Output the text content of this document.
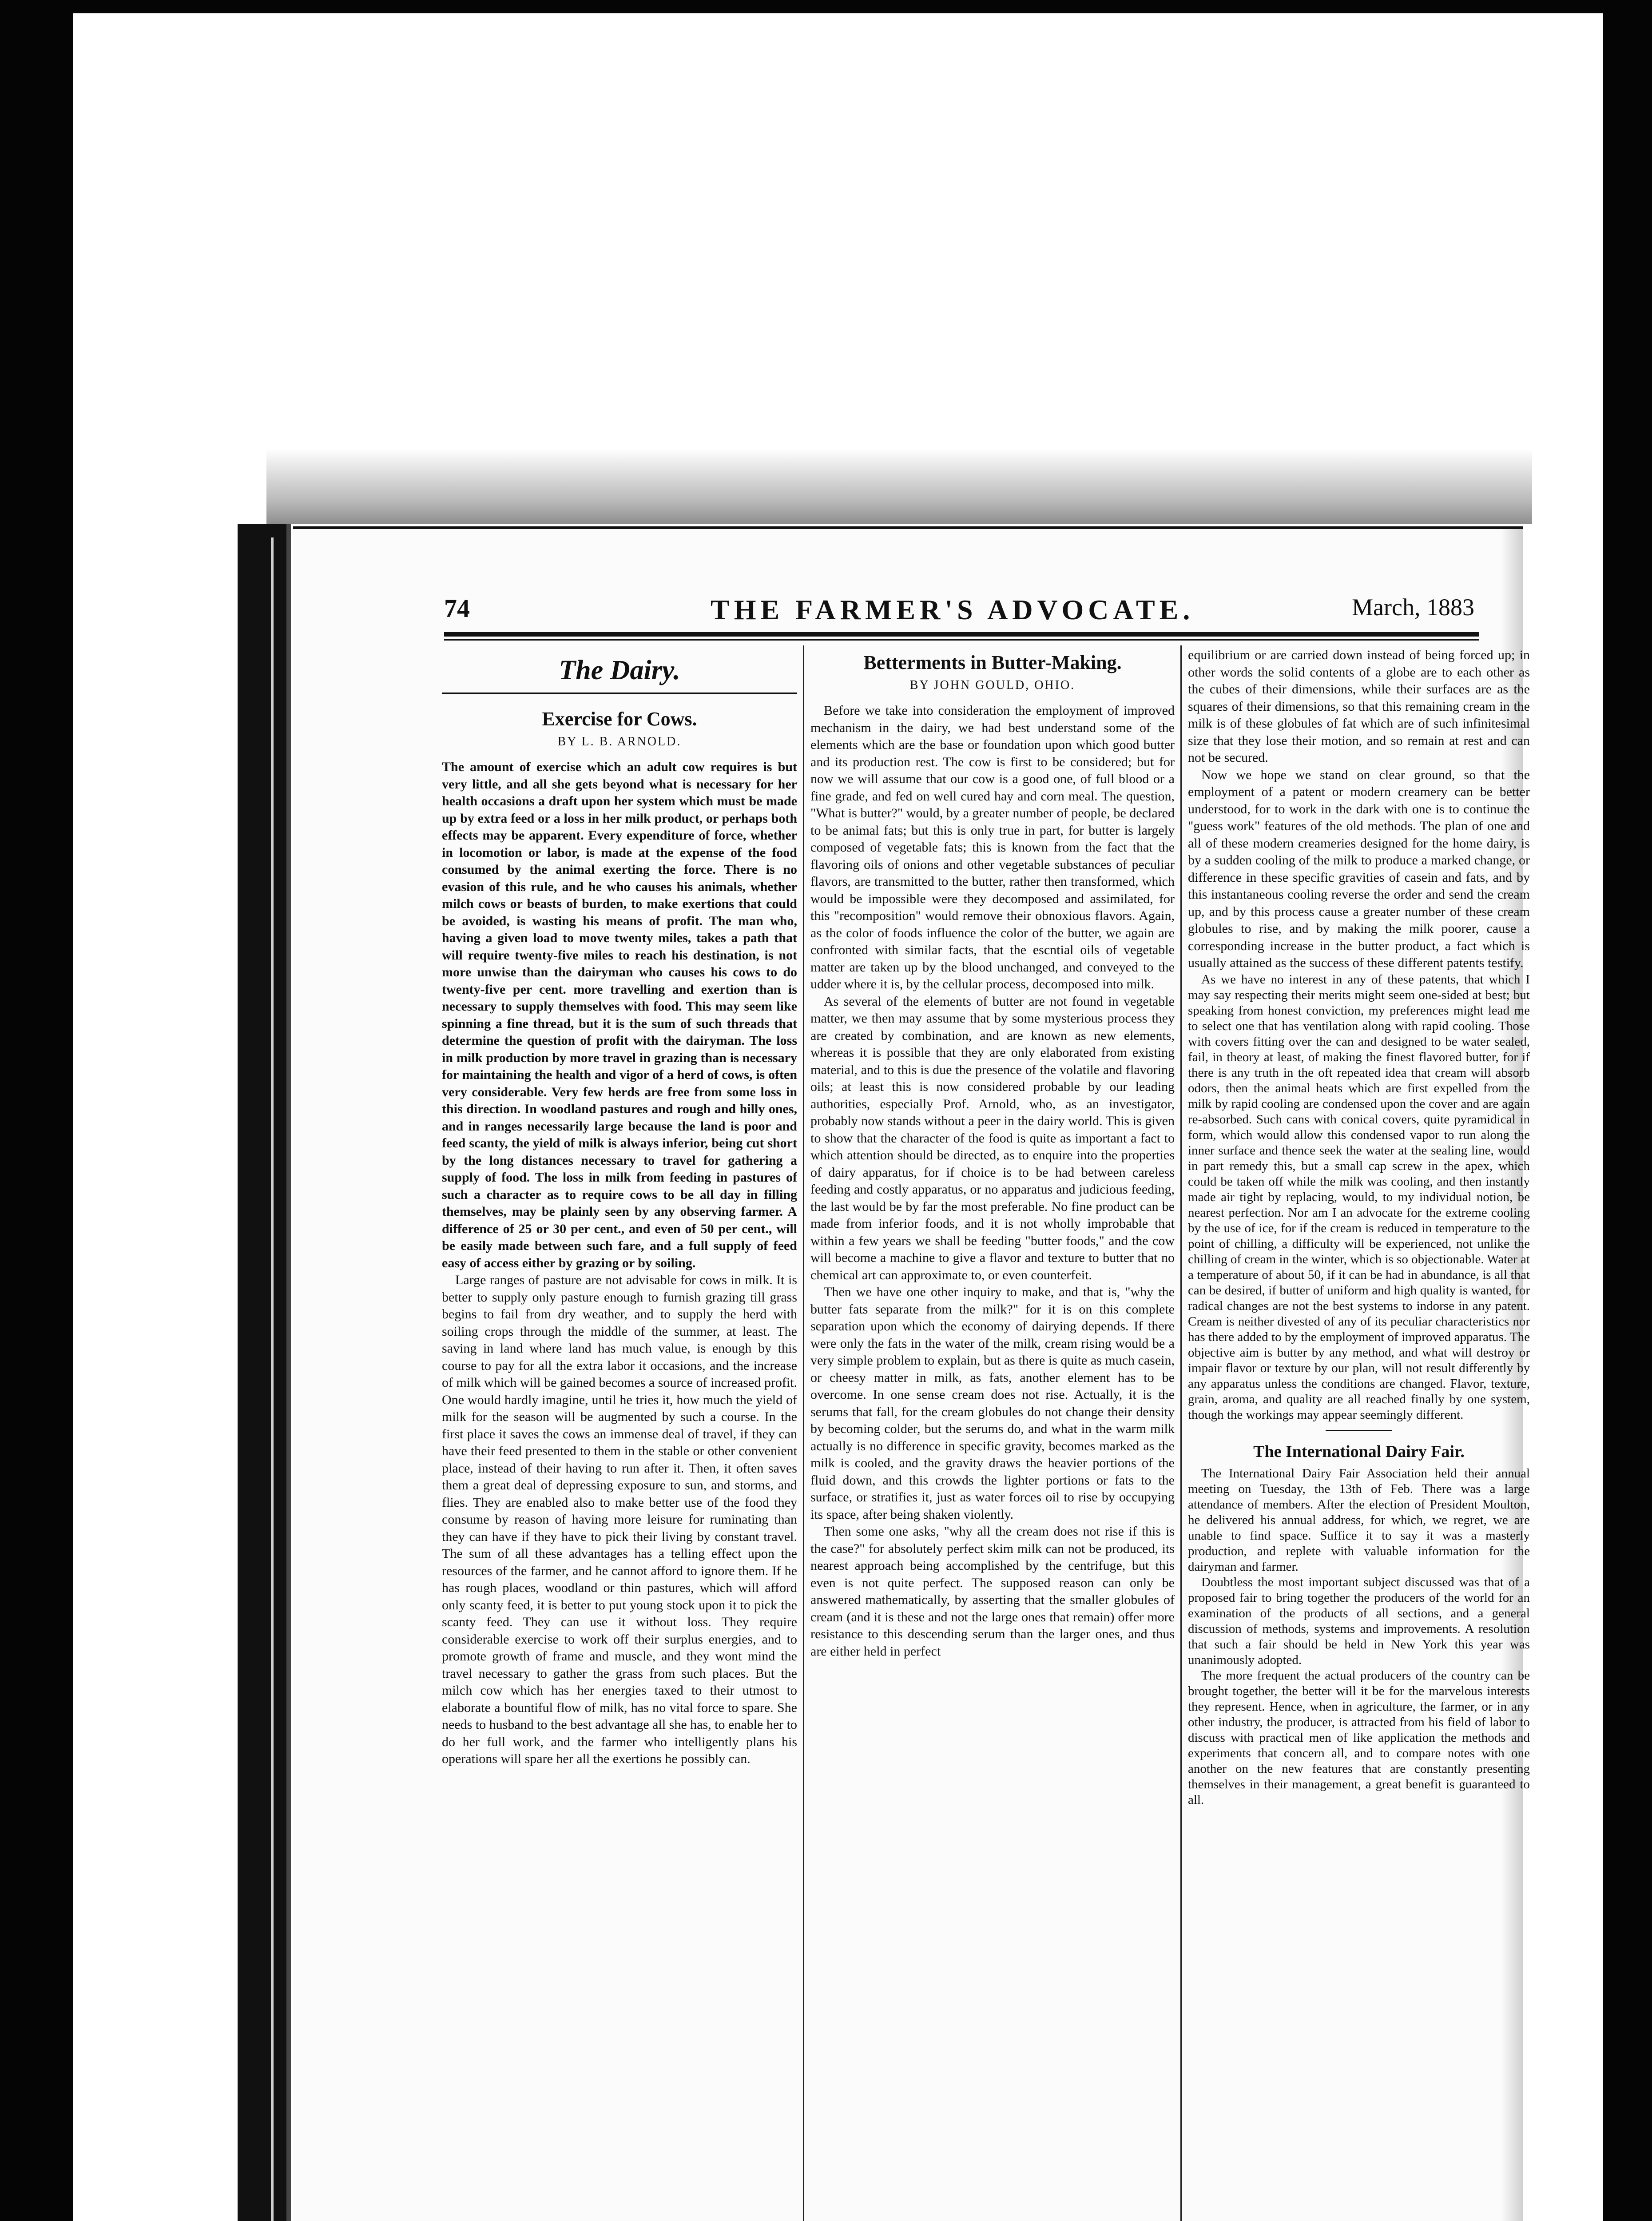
74	THE FARMER'S ADVOCATE.	March, 1883
The Dairy.
Exercise for Cows.
BY L. B. ARNOLD.

The amount of exercise which an adult cow requires is but very little, and all she gets beyond what is necessary for her health occasions a draft upon her system which must be made up by extra feed or a loss in her milk product, or perhaps both effects may be apparent. Every expenditure of force, whether in locomotion or labor, is made at the expense of the food consumed by the animal exerting the force. There is no evasion of this rule, and he who causes his animals, whether milch cows or beasts of burden, to make exertions that could be avoided, is wasting his means of profit. The man who, having a given load to move twenty miles, takes a path that will require twenty-five miles to reach his destination, is not more unwise than the dairyman who causes his cows to do twenty-five per cent. more travelling and exertion than is necessary to supply themselves with food. This may seem like spinning a fine thread, but it is the sum of such threads that determine the question of profit with the dairyman. The loss in milk production by more travel in grazing than is necessary for maintaining the health and vigor of a herd of cows, is often very considerable. Very few herds are free from some loss in this direction. In woodland pastures and rough and hilly ones, and in ranges necessarily large because the land is poor and feed scanty, the yield of milk is always inferior, being cut short by the long distances necessary to travel for gathering a supply of food. The loss in milk from feeding in pastures of such a character as to require cows to be all day in filling themselves, may be plainly seen by any observing farmer. A difference of 25 or 30 per cent., and even of 50 per cent., will be easily made between such fare, and a full supply of feed easy of access either by grazing or by soiling.

Large ranges of pasture are not advisable for cows in milk. It is better to supply only pasture enough to furnish grazing till grass begins to fail from dry weather, and to supply the herd with soiling crops through the middle of the summer, at least. The saving in land where land has much value, is enough by this course to pay for all the extra labor it occasions, and the increase of milk which will be gained becomes a source of increased profit. One would hardly imagine, until he tries it, how much the yield of milk for the season will be augmented by such a course. In the first place it saves the cows an immense deal of travel, if they can have their feed presented to them in the stable or other convenient place, instead of their having to run after it. Then, it often saves them a great deal of depressing exposure to sun, and storms, and flies. They are enabled also to make better use of the food they consume by reason of having more leisure for ruminating than they can have if they have to pick their living by constant travel. The sum of all these advantages has a telling effect upon the resources of the farmer, and he cannot afford to ignore them. If he has rough places, woodland or thin pastures, which will afford only scanty feed, it is better to put young stock upon it to pick the scanty feed. They can use it without loss. They require considerable exercise to work off their surplus energies, and to promote growth of frame and muscle, and they wont mind the travel necessary to gather the grass from such places. But the milch cow which has her energies taxed to their utmost to elaborate a bountiful flow of milk, has no vital force to spare. She needs to husband to the best advantage all she has, to enable her to do her full work, and the farmer who intelligently plans his operations will spare her all the exertions he possibly can.

Betterments in Butter-Making.
BY JOHN GOULD, OHIO.

Before we take into consideration the employment of improved mechanism in the dairy, we had best understand some of the elements which are the base or foundation upon which good butter and its production rest. The cow is first to be considered; but for now we will assume that our cow is a good one, of full blood or a fine grade, and fed on well cured hay and corn meal. The question, "What is butter?" would, by a greater number of people, be declared to be animal fats; but this is only true in part, for butter is largely composed of vegetable fats; this is known from the fact that the flavoring oils of onions and other vegetable substances of peculiar flavors, are transmitted to the butter, rather then transformed, which would be impossible were they decomposed and assimilated, for this "recomposition" would remove their obnoxious flavors. Again, as the color of foods influence the color of the butter, we again are confronted with similar facts, that the escntial oils of vegetable matter are taken up by the blood unchanged, and conveyed to the udder where it is, by the cellular process, decomposed into milk.

As several of the elements of butter are not found in vegetable matter, we then may assume that by some mysterious process they are created by combination, and are known as new elements, whereas it is possible that they are only elaborated from existing material, and to this is due the presence of the volatile and flavoring oils; at least this is now considered probable by our leading authorities, especially Prof. Arnold, who, as an investigator, probably now stands without a peer in the dairy world. This is given to show that the character of the food is quite as important a fact to which attention should be directed, as to enquire into the properties of dairy apparatus, for if choice is to be had between careless feeding and costly apparatus, or no apparatus and judicious feeding, the last would be by far the most preferable. No fine product can be made from inferior foods, and it is not wholly improbable that within a few years we shall be feeding "butter foods," and the cow will become a machine to give a flavor and texture to butter that no chemical art can approximate to, or even counterfeit.

Then we have one other inquiry to make, and that is, "why the butter fats separate from the milk?" for it is on this complete separation upon which the economy of dairying depends. If there were only the fats in the water of the milk, cream rising would be a very simple problem to explain, but as there is quite as much casein, or cheesy matter in milk, as fats, another element has to be overcome. In one sense cream does not rise. Actually, it is the serums that fall, for the cream globules do not change their density by becoming colder, but the serums do, and what in the warm milk actually is no difference in specific gravity, becomes marked as the milk is cooled, and the gravity draws the heavier portions of the fluid down, and this crowds the lighter portions or fats to the surface, or stratifies it, just as water forces oil to rise by occupying its space, after being shaken violently.

Then some one asks, "why all the cream does not rise if this is the case?" for absolutely perfect skim milk can not be produced, its nearest approach being accomplished by the centrifuge, but this even is not quite perfect. The supposed reason can only be answered mathematically, by asserting that the smaller globules of cream (and it is these and not the large ones that remain) offer more resistance to this descending serum than the larger ones, and thus are either held in perfect

equilibrium or are carried down instead of being forced up; in other words the solid contents of a globe are to each other as the cubes of their dimensions, while their surfaces are as the squares of their dimensions, so that this remaining cream in the milk is of these globules of fat which are of such infinitesimal size that they lose their motion, and so remain at rest and can not be secured.

Now we hope we stand on clear ground, so that the employment of a patent or modern creamery can be better understood, for to work in the dark with one is to continue the "guess work" features of the old methods. The plan of one and all of these modern creameries designed for the home dairy, is by a sudden cooling of the milk to produce a marked change, or difference in these specific gravities of casein and fats, and by this instantaneous cooling reverse the order and send the cream up, and by this process cause a greater number of these cream globules to rise, and by making the milk poorer, cause a corresponding increase in the butter product, a fact which is usually attained as the success of these different patents testify.

As we have no interest in any of these patents, that which I may say respecting their merits might seem one-sided at best; but speaking from honest conviction, my preferences might lead me to select one that has ventilation along with rapid cooling. Those with covers fitting over the can and designed to be water sealed, fail, in theory at least, of making the finest flavored butter, for if there is any truth in the oft repeated idea that cream will absorb odors, then the animal heats which are first expelled from the milk by rapid cooling are condensed upon the cover and are again re-absorbed. Such cans with conical covers, quite pyramidical in form, which would allow this condensed vapor to run along the inner surface and thence seek the water at the sealing line, would in part remedy this, but a small cap screw in the apex, which could be taken off while the milk was cooling, and then instantly made air tight by replacing, would, to my individual notion, be nearest perfection. Nor am I an advocate for the extreme cooling by the use of ice, for if the cream is reduced in temperature to the point of chilling, a difficulty will be experienced, not unlike the chilling of cream in the winter, which is so objectionable. Water at a temperature of about 50, if it can be had in abundance, is all that can be desired, if butter of uniform and high quality is wanted, for radical changes are not the best systems to indorse in any patent. Cream is neither divested of any of its peculiar characteristics nor has there added to by the employment of improved apparatus. The objective aim is butter by any method, and what will destroy or impair flavor or texture by our plan, will not result differently by any apparatus unless the conditions are changed. Flavor, texture, grain, aroma, and quality are all reached finally by one system, though the workings may appear seemingly different.

The International Dairy Fair.

The International Dairy Fair Association held their annual meeting on Tuesday, the 13th of Feb. There was a large attendance of members. After the election of President Moulton, he delivered his annual address, for which, we regret, we are unable to find space. Suffice it to say it was a masterly production, and replete with valuable information for the dairyman and farmer.

Doubtless the most important subject discussed was that of a proposed fair to bring together the producers of the world for an examination of the products of all sections, and a general discussion of methods, systems and improvements. A resolution that such a fair should be held in New York this year was unanimously adopted.

The more frequent the actual producers of the country can be brought together, the better will it be for the marvelous interests they represent. Hence, when in agriculture, the farmer, or in any other industry, the producer, is attracted from his field of labor to discuss with practical men of like application the methods and experiments that concern all, and to compare notes with one another on the new features that are constantly presenting themselves in their management, a great benefit is guaranteed to all.
